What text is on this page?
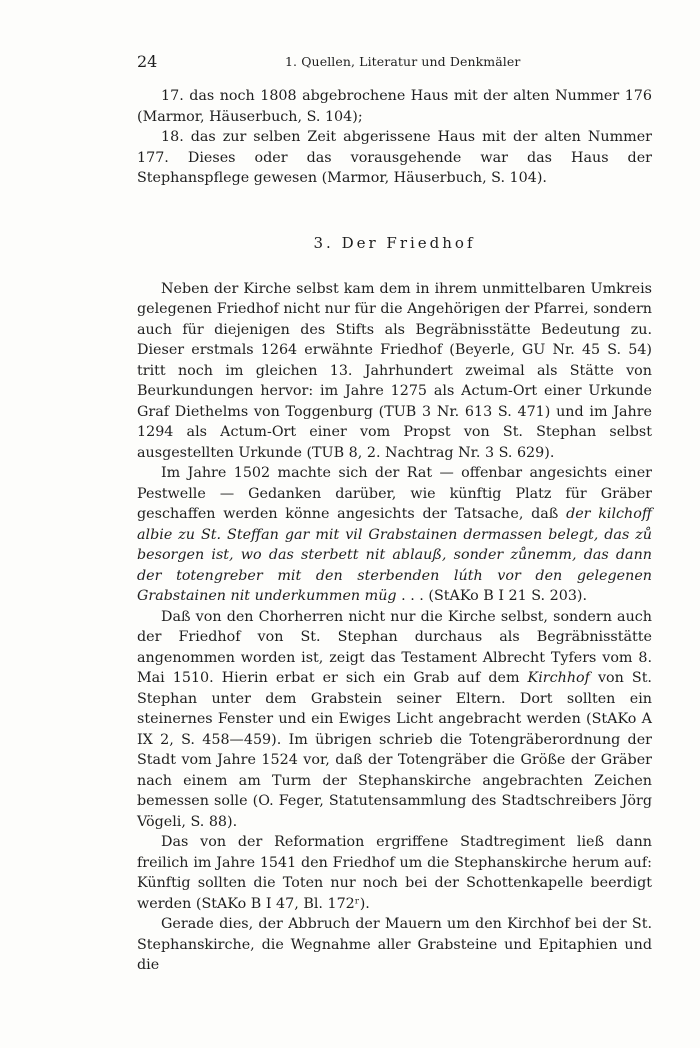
24	1. Quellen, Literatur und Denkmäler

17. das noch 1808 abgebrochene Haus mit der alten Nummer 176 (Marmor, Häuserbuch, S. 104);

18. das zur selben Zeit abgerissene Haus mit der alten Nummer 177. Dieses oder das vorausgehende war das Haus der Stephanspflege gewesen (Marmor, Häuserbuch, S. 104).

3. Der Friedhof

Neben der Kirche selbst kam dem in ihrem unmittelbaren Umkreis gelegenen Friedhof nicht nur für die Angehörigen der Pfarrei, sondern auch für diejenigen des Stifts als Begräbnisstätte Bedeutung zu. Dieser erstmals 1264 erwähnte Friedhof (Beyerle, GU Nr. 45 S. 54) tritt noch im gleichen 13. Jahrhundert zweimal als Stätte von Beurkundungen hervor: im Jahre 1275 als Actum-Ort einer Urkunde Graf Diethelms von Toggenburg (TUB 3 Nr. 613 S. 471) und im Jahre 1294 als Actum-Ort einer vom Propst von St. Stephan selbst ausgestellten Urkunde (TUB 8, 2. Nachtrag Nr. 3 S. 629).

Im Jahre 1502 machte sich der Rat — offenbar angesichts einer Pestwelle — Gedanken darüber, wie künftig Platz für Gräber geschaffen werden könne angesichts der Tatsache, daß der kilchoff albie zu St. Steffan gar mit vil Grabstainen dermassen belegt, das zů besorgen ist, wo das sterbett nit ablauß, sonder zůnemm, das dann der totengreber mit den sterbenden lúth vor den gelegenen Grabstainen nit underkummen müg . . . (StAKo B I 21 S. 203).

Daß von den Chorherren nicht nur die Kirche selbst, sondern auch der Friedhof von St. Stephan durchaus als Begräbnisstätte angenommen worden ist, zeigt das Testament Albrecht Tyfers vom 8. Mai 1510. Hierin erbat er sich ein Grab auf dem Kirchhof von St. Stephan unter dem Grabstein seiner Eltern. Dort sollten ein steinernes Fenster und ein Ewiges Licht angebracht werden (StAKo A IX 2, S. 458—459). Im übrigen schrieb die Totengräberordnung der Stadt vom Jahre 1524 vor, daß der Totengräber die Größe der Gräber nach einem am Turm der Stephanskirche angebrachten Zeichen bemessen solle (O. Feger, Statutensammlung des Stadtschreibers Jörg Vögeli, S. 88).

Das von der Reformation ergriffene Stadtregiment ließ dann freilich im Jahre 1541 den Friedhof um die Stephanskirche herum auf: Künftig sollten die Toten nur noch bei der Schottenkapelle beerdigt werden (StAKo B I 47, Bl. 172ʳ).

Gerade dies, der Abbruch der Mauern um den Kirchhof bei der St. Stephanskirche, die Wegnahme aller Grabsteine und Epitaphien und die
